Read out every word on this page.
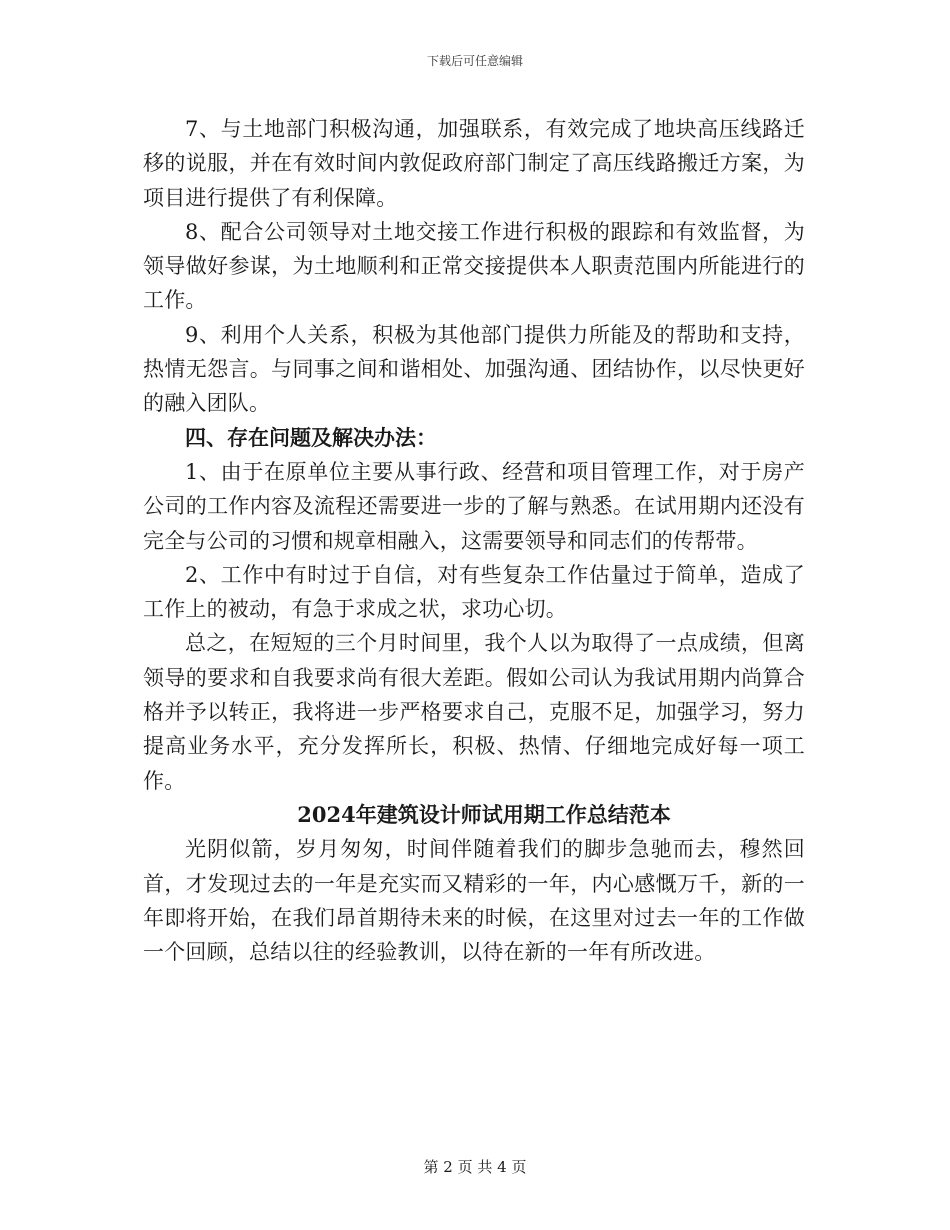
下载后可任意编辑

7、与土地部门积极沟通，加强联系，有效完成了地块高压线路迁移的说服，并在有效时间内敦促政府部门制定了高压线路搬迁方案，为项目进行提供了有利保障。

8、配合公司领导对土地交接工作进行积极的跟踪和有效监督，为领导做好参谋，为土地顺利和正常交接提供本人职责范围内所能进行的工作。

9、利用个人关系，积极为其他部门提供力所能及的帮助和支持，热情无怨言。与同事之间和谐相处、加强沟通、团结协作，以尽快更好的融入团队。

四、存在问题及解决办法：

1、由于在原单位主要从事行政、经营和项目管理工作，对于房产公司的工作内容及流程还需要进一步的了解与熟悉。在试用期内还没有完全与公司的习惯和规章相融入，这需要领导和同志们的传帮带。

2、工作中有时过于自信，对有些复杂工作估量过于简单，造成了工作上的被动，有急于求成之状，求功心切。

总之，在短短的三个月时间里，我个人以为取得了一点成绩，但离领导的要求和自我要求尚有很大差距。假如公司认为我试用期内尚算合格并予以转正，我将进一步严格要求自己，克服不足，加强学习，努力提高业务水平，充分发挥所长，积极、热情、仔细地完成好每一项工作。

2024年建筑设计师试用期工作总结范本

光阴似箭，岁月匆匆，时间伴随着我们的脚步急驰而去，穆然回首，才发现过去的一年是充实而又精彩的一年，内心感慨万千，新的一年即将开始，在我们昂首期待未来的时候，在这里对过去一年的工作做一个回顾，总结以往的经验教训，以待在新的一年有所改进。

第 2 页 共 4 页
